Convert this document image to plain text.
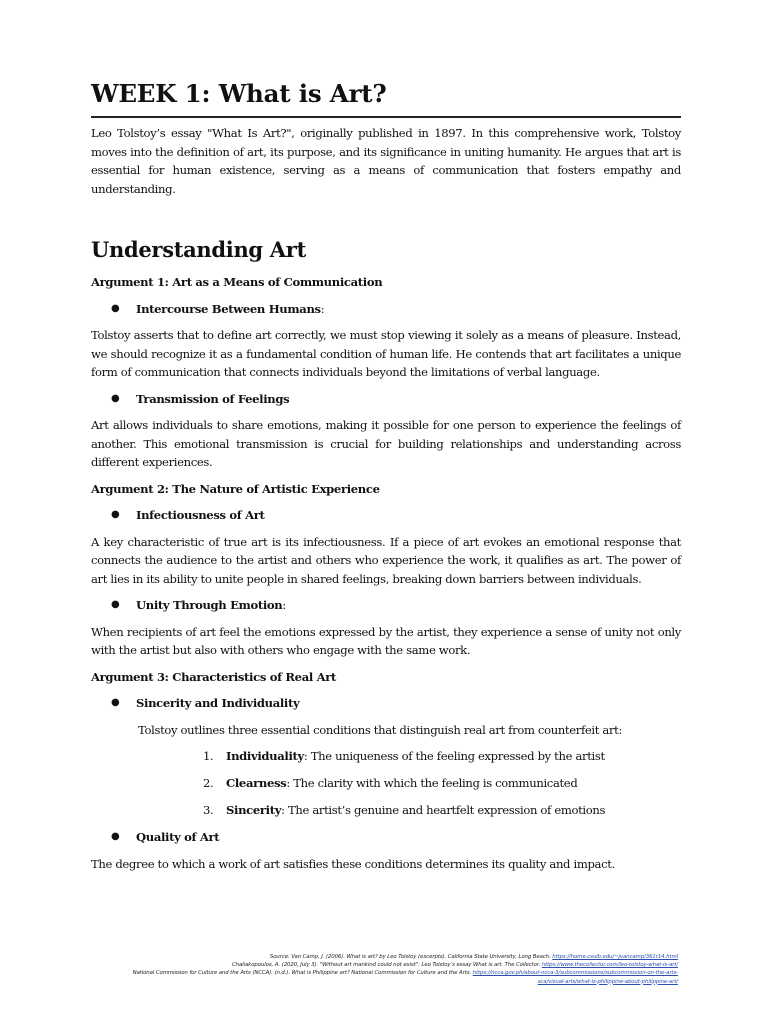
WEEK 1: What is Art?

Leo Tolstoy’s essay "What Is Art?", originally published in 1897. In this comprehensive work, Tolstoy moves into the definition of art, its purpose, and its significance in uniting humanity. He argues that art is essential for human existence, serving as a means of communication that fosters empathy and understanding.

Understanding Art

Argument 1: Art as a Means of Communication

● Intercourse Between Humans:

Tolstoy asserts that to define art correctly, we must stop viewing it solely as a means of pleasure. Instead, we should recognize it as a fundamental condition of human life. He contends that art facilitates a unique form of communication that connects individuals beyond the limitations of verbal language.

● Transmission of Feelings

Art allows individuals to share emotions, making it possible for one person to experience the feelings of another. This emotional transmission is crucial for building relationships and understanding across different experiences.

Argument 2: The Nature of Artistic Experience

● Infectiousness of Art

A key characteristic of true art is its infectiousness. If a piece of art evokes an emotional response that connects the audience to the artist and others who experience the work, it qualifies as art. The power of art lies in its ability to unite people in shared feelings, breaking down barriers between individuals.

● Unity Through Emotion:

When recipients of art feel the emotions expressed by the artist, they experience a sense of unity not only with the artist but also with others who engage with the same work.

Argument 3: Characteristics of Real Art

● Sincerity and Individuality

Tolstoy outlines three essential conditions that distinguish real art from counterfeit art:

1. Individuality: The uniqueness of the feeling expressed by the artist

2. Clearness: The clarity with which the feeling is communicated

3. Sincerity: The artist’s genuine and heartfelt expression of emotions

● Quality of Art

The degree to which a work of art satisfies these conditions determines its quality and impact.

Source: Van Camp, J. (2006). What is art? by Leo Tolstoy (excerpts). California State University, Long Beach. https://home.csulb.edu/~jvancamp/361r14.html
Chaliakopoulos, A. (2020, July 3). "Without art mankind could not exist": Leo Tolstoy’s essay What is art. The Collector. https://www.thecollector.com/leo-tolstoy-what-is-art/
National Commission for Culture and the Arts (NCCA). (n.d.). What is Philippine art? National Commission for Culture and the Arts. https://ncca.gov.ph/about-ncca-3/subcommissions/subcommission-on-the-arts-sca/visual-arts/what-is-philippine-about-philippine-art/
